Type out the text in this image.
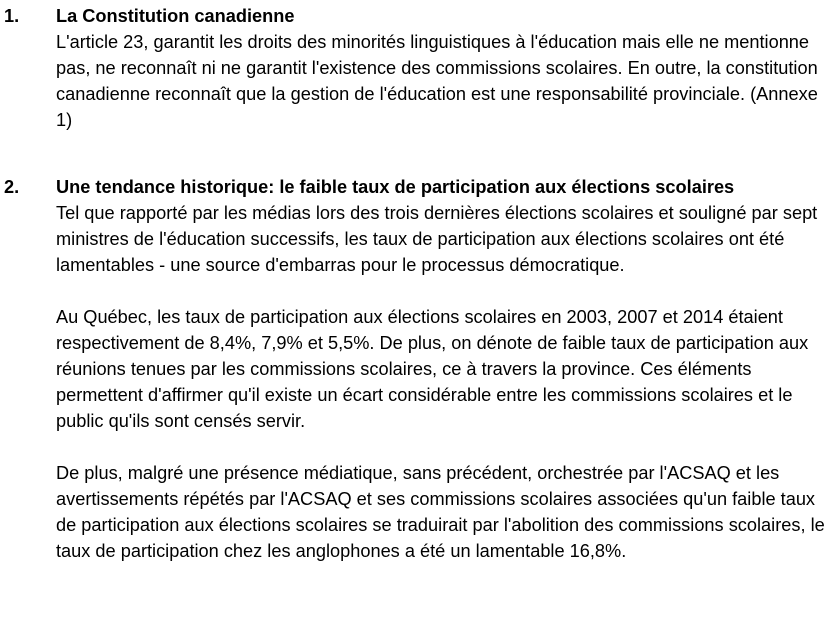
1. La Constitution canadienne

L'article 23, garantit les droits des minorités linguistiques à l'éducation mais elle ne mentionne pas, ne reconnaît ni ne garantit l'existence des commissions scolaires. En outre, la constitution canadienne reconnaît que la gestion de l'éducation est une responsabilité provinciale. (Annexe 1)

2. Une tendance historique: le faible taux de participation aux élections scolaires

Tel que rapporté par les médias lors des trois dernières élections scolaires et souligné par sept ministres de l'éducation successifs, les taux de participation aux élections scolaires ont été lamentables - une source d'embarras pour le processus démocratique.

Au Québec, les taux de participation aux élections scolaires en 2003, 2007 et 2014 étaient respectivement de 8,4%, 7,9% et 5,5%. De plus, on dénote de faible taux de participation aux réunions tenues par les commissions scolaires, ce à travers la province. Ces éléments permettent d'affirmer qu'il existe un écart considérable entre les commissions scolaires et le public qu'ils sont censés servir.

De plus, malgré une présence médiatique, sans précédent, orchestrée par l'ACSAQ et les avertissements répétés par l'ACSAQ et ses commissions scolaires associées qu'un faible taux de participation aux élections scolaires se traduirait par l'abolition des commissions scolaires, le taux de participation chez les anglophones a été un lamentable 16,8%.
